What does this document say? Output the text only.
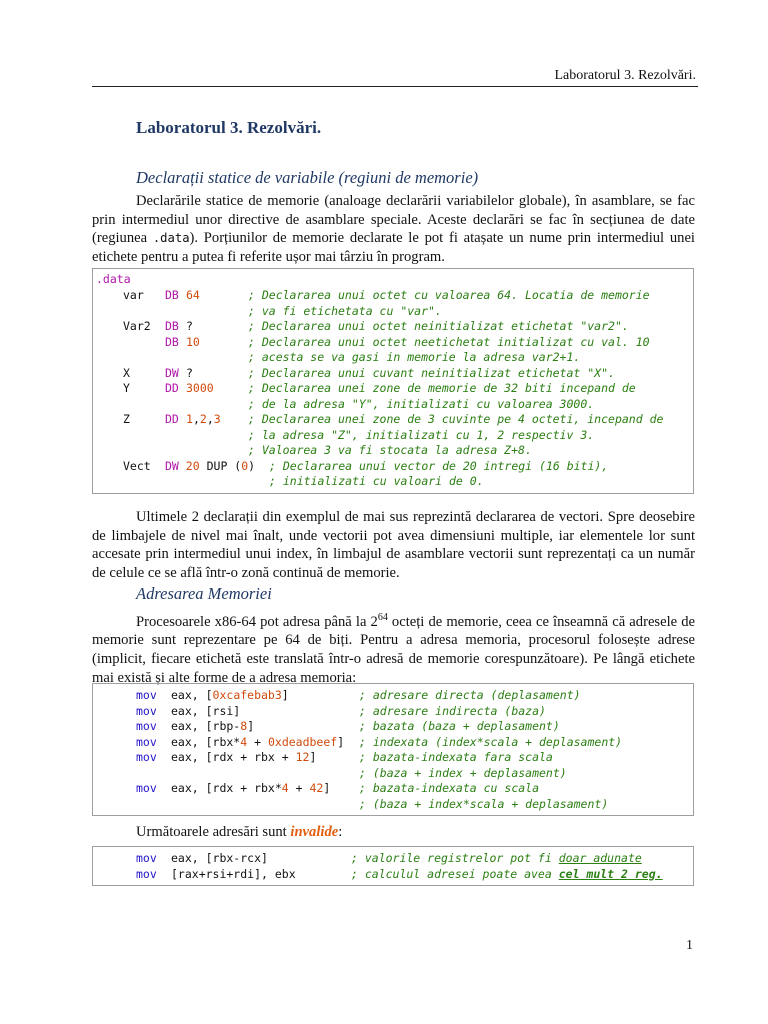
Laboratorul 3. Rezolvări.
Laboratorul 3. Rezolvări.
Declarații statice de variabile (regiuni de memorie)
Declarările statice de memorie (analoage declarării variabilelor globale), în asamblare, se fac prin intermediul unor directive de asamblare speciale. Aceste declarări se fac în secțiunea de date (regiunea .data). Porțiunilor de memorie declarate le pot fi atașate un nume prin intermediul unei etichete pentru a putea fi referite ușor mai târziu în program.
.data
var DB 64	; Declararea unui octet cu valoarea 64. Locatia de memorie
; va fi etichetata cu "var".
Var2 DB ?	; Declararea unui octet neinitializat etichetat "var2".
DB 10	; Declararea unui octet neetichetat initializat cu val. 10
; acesta se va gasi in memorie la adresa var2+1.
X	DW ?	; Declararea unui cuvant neinitializat etichetat "X".
Y	DD 3000	; Declararea unei zone de memorie de 32 biti incepand de
; de la adresa "Y", initializati cu valoarea 3000.
Z	DD 1,2,3 ; Declararea unei zone de 3 cuvinte pe 4 octeti, incepand de
; la adresa "Z", initializati cu 1, 2 respectiv 3.
; Valoarea 3 va fi stocata la adresa Z+8.
Vect DW 20 DUP (0) ; Declararea unui vector de 20 intregi (16 biti),
; initializati cu valoari de 0.
Ultimele 2 declarații din exemplul de mai sus reprezintă declararea de vectori. Spre deosebire de limbajele de nivel mai înalt, unde vectorii pot avea dimensiuni multiple, iar elementele lor sunt accesate prin intermediul unui index, în limbajul de asamblare vectorii sunt reprezentați ca un număr de celule ce se află într-o zonă continuă de memorie.
Adresarea Memoriei
Procesoarele x86-64 pot adresa până la $2^{64}$ octeți de memorie, ceea ce înseamnă că adresele de memorie sunt reprezentare pe 64 de biți. Pentru a adresa memoria, procesorul folosește adrese (implicit, fiecare etichetă este translată într-o adresă de memorie corespunzătoare). Pe lângă etichete mai există și alte forme de a adresa memoria:
mov eax, [0xcafebab3]	; adresare directa (deplasament)
mov eax, [rsi]	; adresare indirecta (baza)
mov eax, [rbp-8]	; bazata (baza + deplasament)
mov eax, [rbx*4 + 0xdeadbeef] ; indexata (index*scala + deplasament)
mov eax, [rdx + rbx + 12]	; bazata-indexata fara scala
; (baza + index + deplasament)
mov eax, [rdx + rbx*4 + 42] ; bazata-indexata cu scala
; (baza + index*scala + deplasament)
Următoarele adresări sunt invalide:
mov eax, [rbx-rcx]	; valorile registrelor pot fi doar adunate
mov [rax+rsi+rdi], ebx	; calculul adresei poate avea cel mult 2 reg.
1
